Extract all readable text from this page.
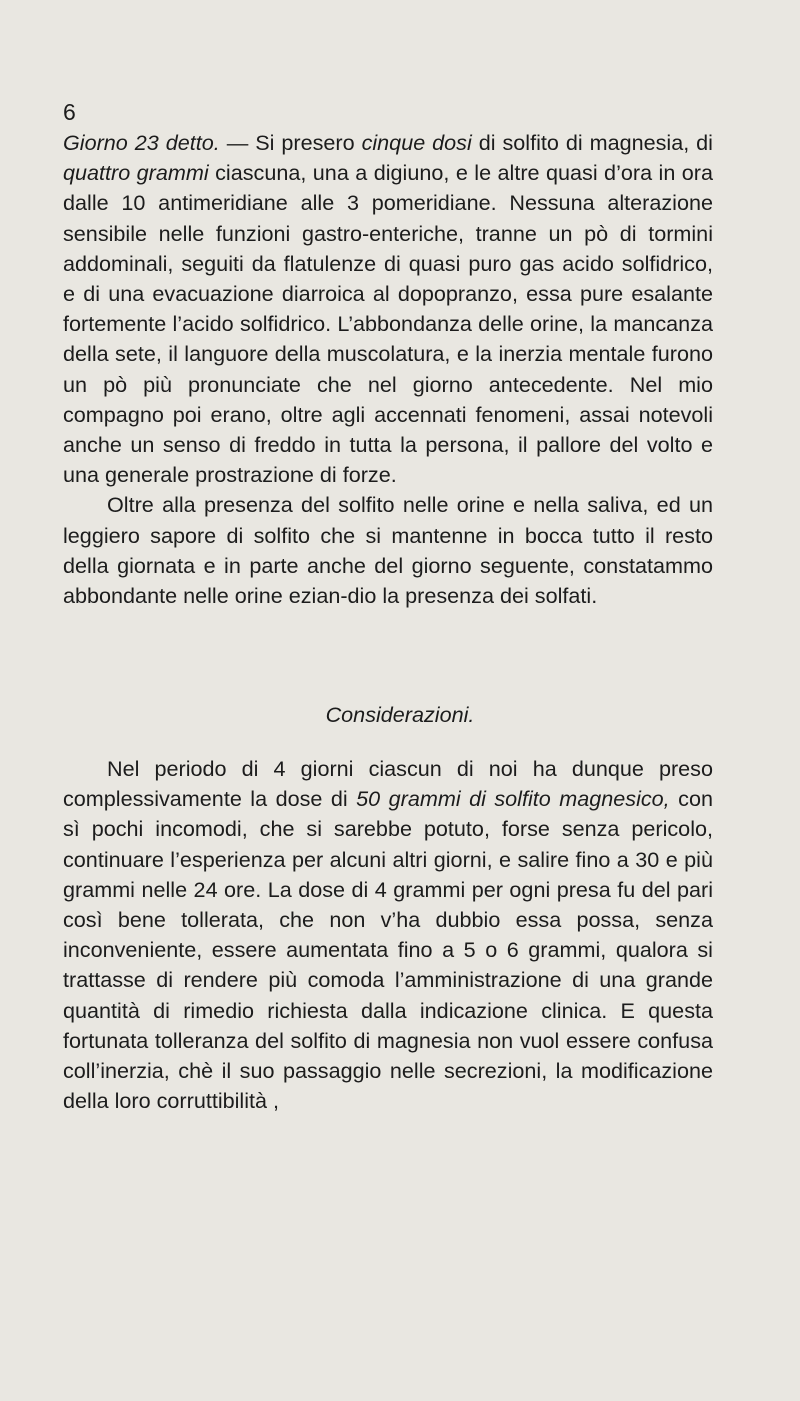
6

Giorno 23 detto. — Si presero cinque dosi di solfito di magnesia, di quattro grammi ciascuna, una a digiuno, e le altre quasi d’ora in ora dalle 10 antimeridiane alle 3 pomeridiane. Nessuna alterazione sensibile nelle funzioni gastro-enteriche, tranne un pò di tormini addominali, seguiti da flatulenze di quasi puro gas acido solfidrico, e di una evacuazione diarroica al dopopranzo, essa pure esalante fortemente l’acido solfidrico. L’abbondanza delle orine, la mancanza della sete, il languore della muscolatura, e la inerzia mentale furono un pò più pronunciate che nel giorno antecedente. Nel mio compagno poi erano, oltre agli accennati fenomeni, assai notevoli anche un senso di freddo in tutta la persona, il pallore del volto e una generale prostrazione di forze.

Oltre alla presenza del solfito nelle orine e nella saliva, ed un leggiero sapore di solfito che si mantenne in bocca tutto il resto della giornata e in parte anche del giorno seguente, constatammo abbondante nelle orine ezian-dio la presenza dei solfati.

Considerazioni.

Nel periodo di 4 giorni ciascun di noi ha dunque preso complessivamente la dose di 50 grammi di solfito magnesico, con sì pochi incomodi, che si sarebbe potuto, forse senza pericolo, continuare l’esperienza per alcuni altri giorni, e salire fino a 30 e più grammi nelle 24 ore. La dose di 4 grammi per ogni presa fu del pari così bene tollerata, che non v’ha dubbio essa possa, senza inconveniente, essere aumentata fino a 5 o 6 grammi, qualora si trattasse di rendere più comoda l’amministrazione di una grande quantità di rimedio richiesta dalla indicazione clinica. E questa fortunata tolleranza del solfito di magnesia non vuol essere confusa coll’inerzia, chè il suo passaggio nelle secrezioni, la modificazione della loro corruttibilità ,
